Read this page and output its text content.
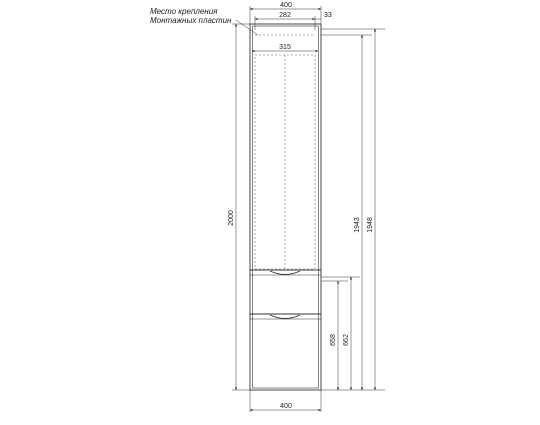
400
282	33
315
Место крепления
Монтажных пластин
2000	1943 1948
658 662
400
